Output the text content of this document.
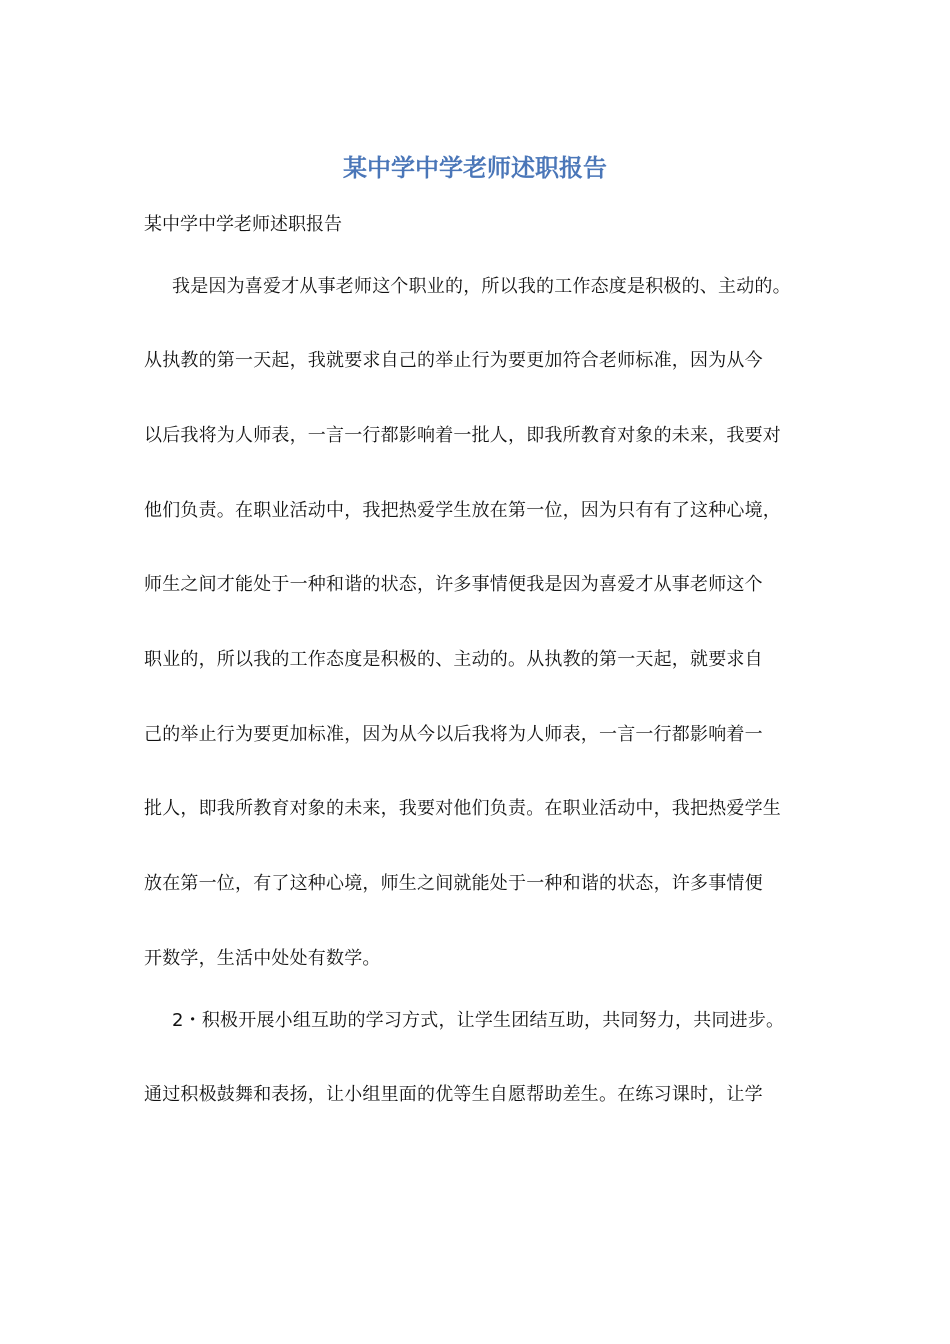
某中学中学老师述职报告
某中学中学老师述职报告
我是因为喜爱才从事老师这个职业的，所以我的工作态度是积极的、主动的。
从执教的第一天起，我就要求自己的举止行为要更加符合老师标准，因为从今
以后我将为人师表，一言一行都影响着一批人，即我所教育对象的未来，我要对
他们负责。在职业活动中，我把热爱学生放在第一位，因为只有有了这种心境，
师生之间才能处于一种和谐的状态，许多事情便我是因为喜爱才从事老师这个
职业的，所以我的工作态度是积极的、主动的。从执教的第一天起，就要求自
己的举止行为要更加标准，因为从今以后我将为人师表，一言一行都影响着一
批人，即我所教育对象的未来，我要对他们负责。在职业活动中，我把热爱学生
放在第一位，有了这种心境，师生之间就能处于一种和谐的状态，许多事情便
开数学，生活中处处有数学。
2・积极开展小组互助的学习方式，让学生团结互助，共同努力，共同进步。
通过积极鼓舞和表扬，让小组里面的优等生自愿帮助差生。在练习课时，让学
